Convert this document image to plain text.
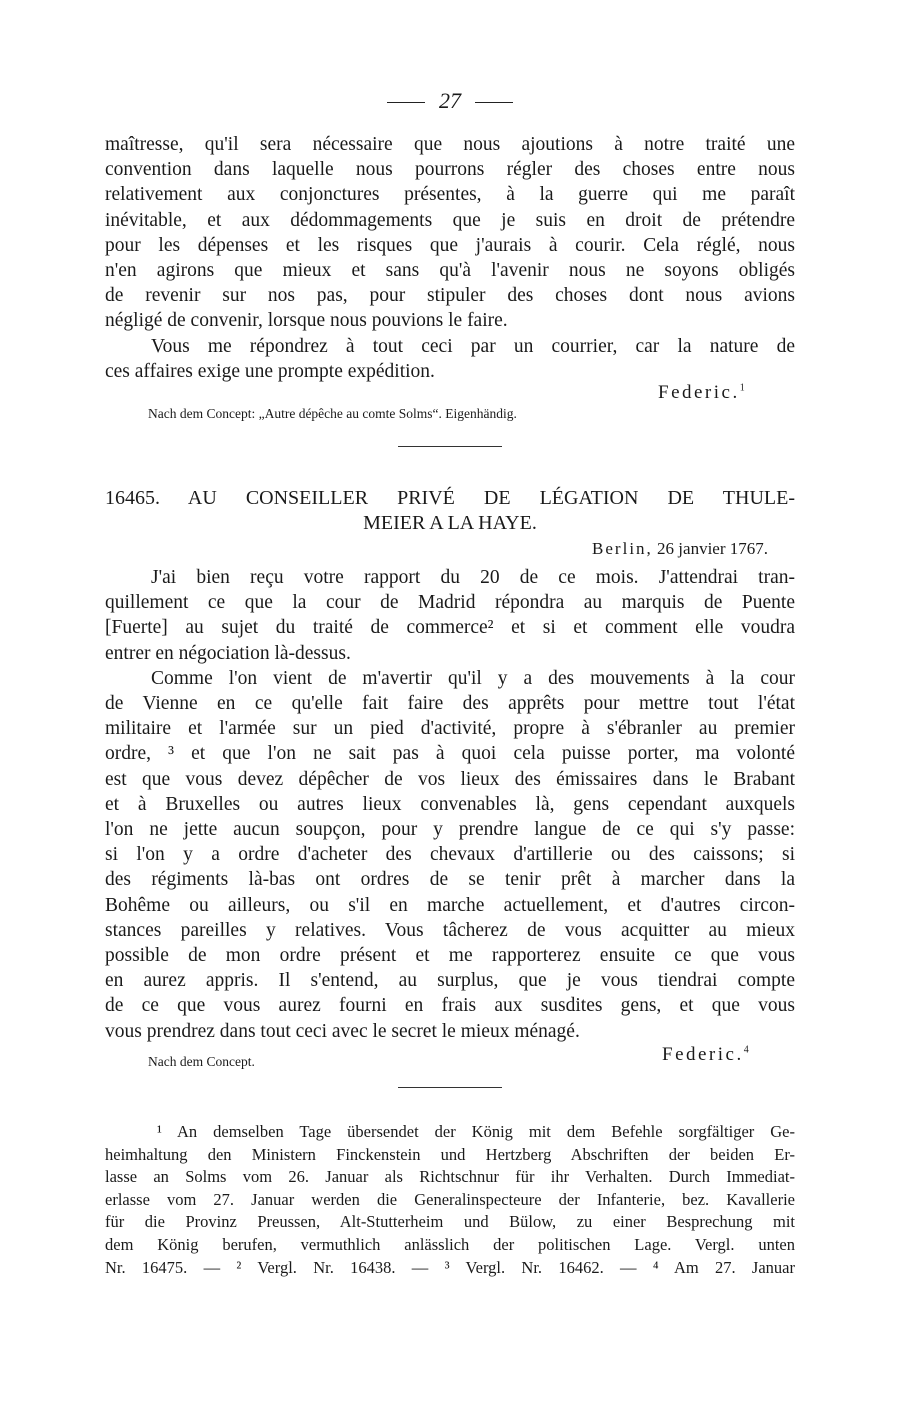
27
maîtresse, qu'il sera nécessaire que nous ajoutions à notre traité une
convention dans laquelle nous pourrons régler des choses entre nous
relativement aux conjonctures présentes, à la guerre qui me paraît
inévitable, et aux dédommagements que je suis en droit de prétendre
pour les dépenses et les risques que j'aurais à courir. Cela réglé, nous
n'en agirons que mieux et sans qu'à l'avenir nous ne soyons obligés
de revenir sur nos pas, pour stipuler des choses dont nous avions
négligé de convenir, lorsque nous pouvions le faire.
Vous me répondrez à tout ceci par un courrier, car la nature de
ces affaires exige une prompte expédition.
Federic.$^1$
Nach dem Concept: „Autre dépêche au comte Solms“. Eigenhändig.
16465. AU CONSEILLER PRIVÉ DE LÉGATION DE THULE-
MEIER A LA HAYE.
Berlin, 26 janvier 1767.
J'ai bien reçu votre rapport du 20 de ce mois. J'attendrai tran-
quillement ce que la cour de Madrid répondra au marquis de Puente
[Fuerte] au sujet du traité de commerce² et si et comment elle voudra
entrer en négociation là-dessus.
Comme l'on vient de m'avertir qu'il y a des mouvements à la cour
de Vienne en ce qu'elle fait faire des apprêts pour mettre tout l'état
militaire et l'armée sur un pied d'activité, propre à s'ébranler au premier
ordre, ³ et que l'on ne sait pas à quoi cela puisse porter, ma volonté
est que vous devez dépêcher de vos lieux des émissaires dans le Brabant
et à Bruxelles ou autres lieux convenables là, gens cependant auxquels
l'on ne jette aucun soupçon, pour y prendre langue de ce qui s'y passe:
si l'on y a ordre d'acheter des chevaux d'artillerie ou des caissons; si
des régiments là-bas ont ordres de se tenir prêt à marcher dans la
Bohême ou ailleurs, ou s'il en marche actuellement, et d'autres circon-
stances pareilles y relatives. Vous tâcherez de vous acquitter au mieux
possible de mon ordre présent et me rapporterez ensuite ce que vous
en aurez appris. Il s'entend, au surplus, que je vous tiendrai compte
de ce que vous aurez fourni en frais aux susdites gens, et que vous
vous prendrez dans tout ceci avec le secret le mieux ménagé.
Nach dem Concept.	Federic.$^4$
¹ An demselben Tage übersendet der König mit dem Befehle sorgfältiger Ge-
heimhaltung den Ministern Finckenstein und Hertzberg Abschriften der beiden Er-
lasse an Solms vom 26. Januar als Richtschnur für ihr Verhalten. Durch Immediat-
erlasse vom 27. Januar werden die Generalinspecteure der Infanterie, bez. Kavallerie
für die Provinz Preussen, Alt-Stutterheim und Bülow, zu einer Besprechung mit
dem König berufen, vermuthlich anlässlich der politischen Lage. Vergl. unten
Nr. 16475. — ² Vergl. Nr. 16438. — ³ Vergl. Nr. 16462. — ⁴ Am 27. Januar
